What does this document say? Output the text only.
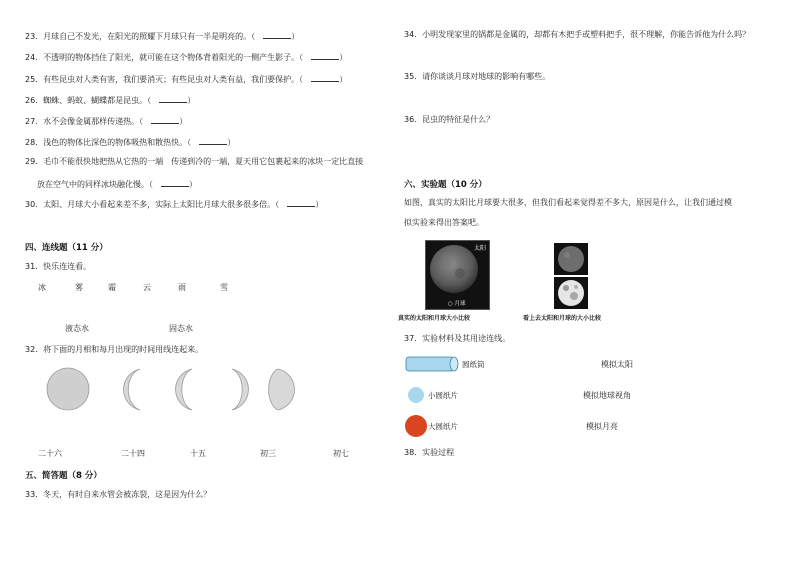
23．月球自己不发光，在阳光的照耀下月球只有一半是明亮的。（　	）
24．不透明的物体挡住了阳光，就可能在这个物体背着阳光的一侧产生影子。（　	）
25．有些昆虫对人类有害，我们要消灭；有些昆虫对人类有益，我们要保护。（　	）
26．蜘蛛、蚂蚁、蝴蝶都是昆虫。（　	）
27．水不会像金属那样传递热。（　	）
28．浅色的物体比深色的物体吸热和散热快。（　	）
29．毛巾不能很快地把热从它热的一端　传递到冷的一端，夏天用它包裹起来的冰块一定比直接
放在空气中的同样冰块融化慢。（　	）
30．太阳、月球大小看起来差不多，实际上太阳比月球大很多很多倍。（　	）
四、连线题（11 分）
31．快乐连连看。
冰	雾	霜	云	雨	雪
液态水	固态水
32．将下面的月相和每月出现的时间用线连起来。
二十六	二十四	十五	初三	初七
五、简答题（8 分）
33．冬天，有时自来水管会被冻裂，这是因为什么？
34．小明发现家里的锅都是金属的，却都有木把手或塑料把手，很不理解，你能告诉他为什么吗？
35．请你谈谈月球对地球的影响有哪些。
36．昆虫的特征是什么？
六、实验题（10 分）
如图，真实的太阳比月球要大很多，但我们看起来觉得差不多大，原因是什么，让我们通过模
拟实验来得出答案吧。
太阳
○ 月球
真实的太阳和月球大小比较	看上去太阳和月球的大小比较
37．实验材料及其用途连线。
圆纸筒
小圆纸片
大圆纸片
模拟太阳
模拟地球视角
模拟月亮
38．实验过程
